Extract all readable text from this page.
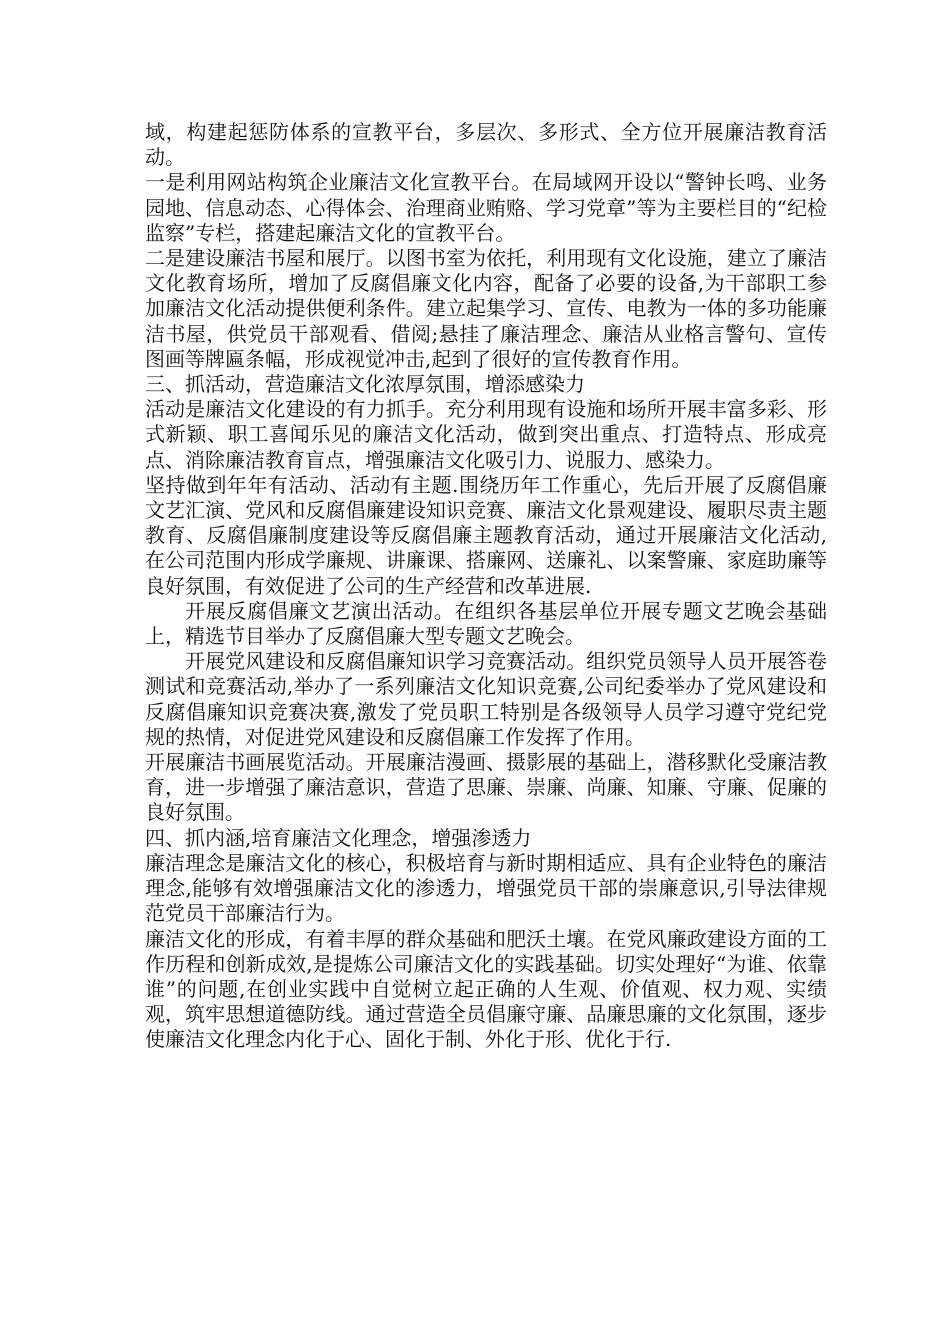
域，构建起惩防体系的宣教平台，多层次、多形式、全方位开展廉洁教育活动。

一是利用网站构筑企业廉洁文化宣教平台。在局域网开设以“警钟长鸣、业务园地、信息动态、心得体会、治理商业贿赂、学习党章”等为主要栏目的“纪检监察”专栏，搭建起廉洁文化的宣教平台。

二是建设廉洁书屋和展厅。以图书室为依托，利用现有文化设施，建立了廉洁文化教育场所，增加了反腐倡廉文化内容，配备了必要的设备,为干部职工参加廉洁文化活动提供便利条件。建立起集学习、宣传、电教为一体的多功能廉洁书屋，供党员干部观看、借阅;悬挂了廉洁理念、廉洁从业格言警句、宣传图画等牌匾条幅，形成视觉冲击,起到了很好的宣传教育作用。

三、抓活动，营造廉洁文化浓厚氛围，增添感染力

活动是廉洁文化建设的有力抓手。充分利用现有设施和场所开展丰富多彩、形式新颖、职工喜闻乐见的廉洁文化活动，做到突出重点、打造特点、形成亮点、消除廉洁教育盲点，增强廉洁文化吸引力、说服力、感染力。

坚持做到年年有活动、活动有主题.围绕历年工作重心，先后开展了反腐倡廉文艺汇演、党风和反腐倡廉建设知识竞赛、廉洁文化景观建设、履职尽责主题教育、反腐倡廉制度建设等反腐倡廉主题教育活动，通过开展廉洁文化活动,在公司范围内形成学廉规、讲廉课、搭廉网、送廉礼、以案警廉、家庭助廉等良好氛围，有效促进了公司的生产经营和改革进展.

开展反腐倡廉文艺演出活动。在组织各基层单位开展专题文艺晚会基础上，精选节目举办了反腐倡廉大型专题文艺晚会。

开展党风建设和反腐倡廉知识学习竞赛活动。组织党员领导人员开展答卷测试和竞赛活动,举办了一系列廉洁文化知识竞赛,公司纪委举办了党风建设和反腐倡廉知识竞赛决赛,激发了党员职工特别是各级领导人员学习遵守党纪党规的热情，对促进党风建设和反腐倡廉工作发挥了作用。

开展廉洁书画展览活动。开展廉洁漫画、摄影展的基础上，潜移默化受廉洁教育，进一步增强了廉洁意识，营造了思廉、崇廉、尚廉、知廉、守廉、促廉的良好氛围。

四、抓内涵,培育廉洁文化理念，增强渗透力

廉洁理念是廉洁文化的核心，积极培育与新时期相适应、具有企业特色的廉洁理念,能够有效增强廉洁文化的渗透力，增强党员干部的崇廉意识,引导法律规范党员干部廉洁行为。

廉洁文化的形成，有着丰厚的群众基础和肥沃土壤。在党风廉政建设方面的工作历程和创新成效,是提炼公司廉洁文化的实践基础。切实处理好“为谁、依靠谁”的问题,在创业实践中自觉树立起正确的人生观、价值观、权力观、实绩观，筑牢思想道德防线。通过营造全员倡廉守廉、品廉思廉的文化氛围，逐步使廉洁文化理念内化于心、固化于制、外化于形、优化于行.
